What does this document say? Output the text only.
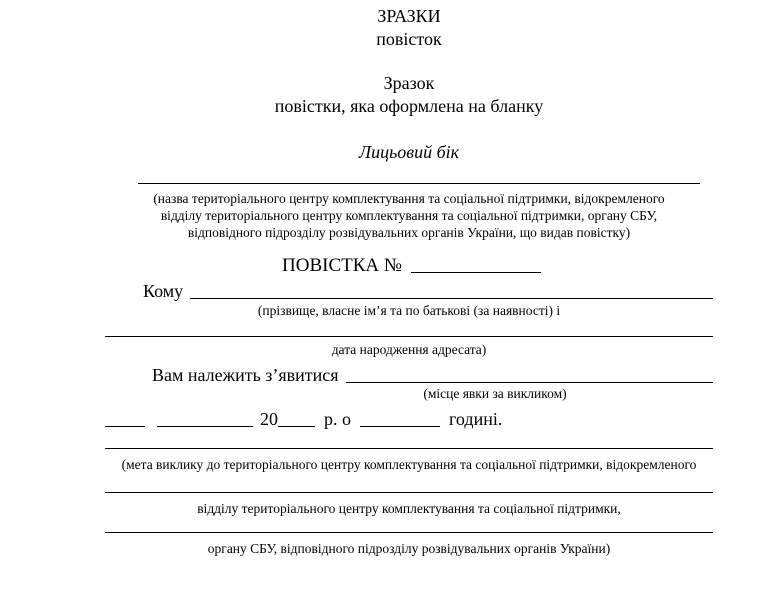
ЗРАЗКИ
повісток
Зразок
повістки, яка оформлена на бланку
Лицьовий бік
(назва територіального центру комплектування та соціальної підтримки, відокремленого
відділу територіального центру комплектування та соціальної підтримки, органу СБУ,
відповідного підрозділу розвідувальних органів України, що видав повістку)
ПОВІСТКА №
Кому
(прізвище, власне ім’я та по батькові (за наявності) і
дата народження адресата)
Вам належить з’явитися
(місце явки за викликом)
20	р. о	годині.
(мета виклику до територіального центру комплектування та соціальної підтримки, відокремленого
відділу територіального центру комплектування та соціальної підтримки,
органу СБУ, відповідного підрозділу розвідувальних органів України)
